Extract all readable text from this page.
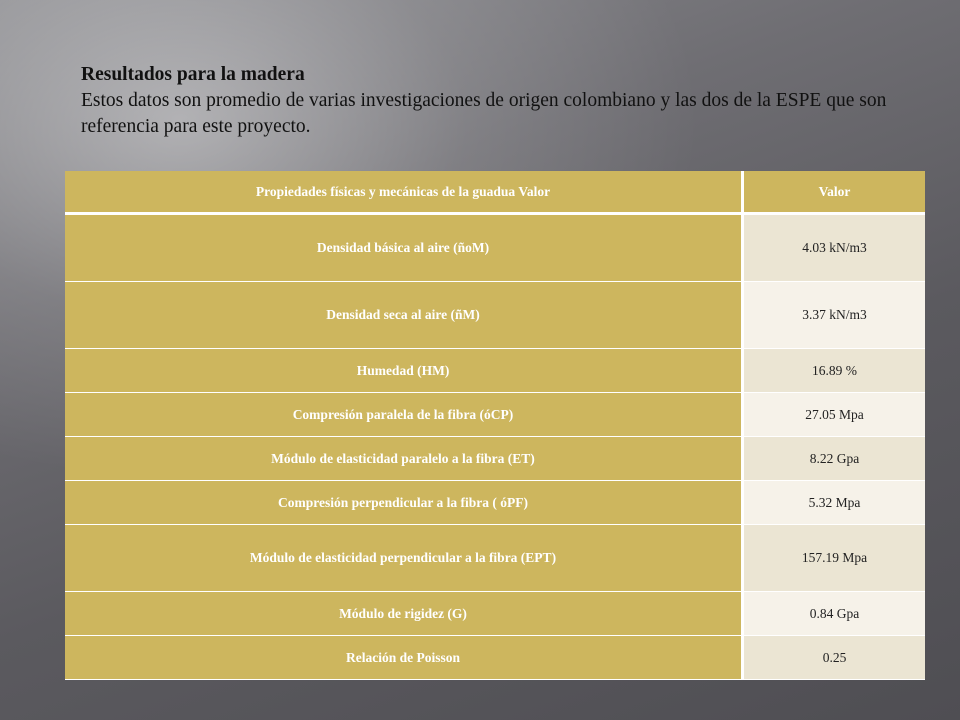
Resultados para la madera
Estos datos son promedio de varias investigaciones de origen colombiano y las dos de la ESPE que son referencia para este proyecto.
Propiedades físicas y mecánicas de la guadua Valor	Valor
Densidad básica al aire (ñoM)	4.03 kN/m3
Densidad seca al aire (ñM)	3.37 kN/m3
Humedad (HM)	16.89 %
Compresión paralela de la fibra (óCP)	27.05 Mpa
Módulo de elasticidad paralelo a la fibra (ET)	8.22 Gpa
Compresión perpendicular a la fibra ( óPF)	5.32 Mpa
Módulo de elasticidad perpendicular a la fibra (EPT)	157.19 Mpa
Módulo de rigidez (G)	0.84 Gpa
Relación de Poisson	0.25
